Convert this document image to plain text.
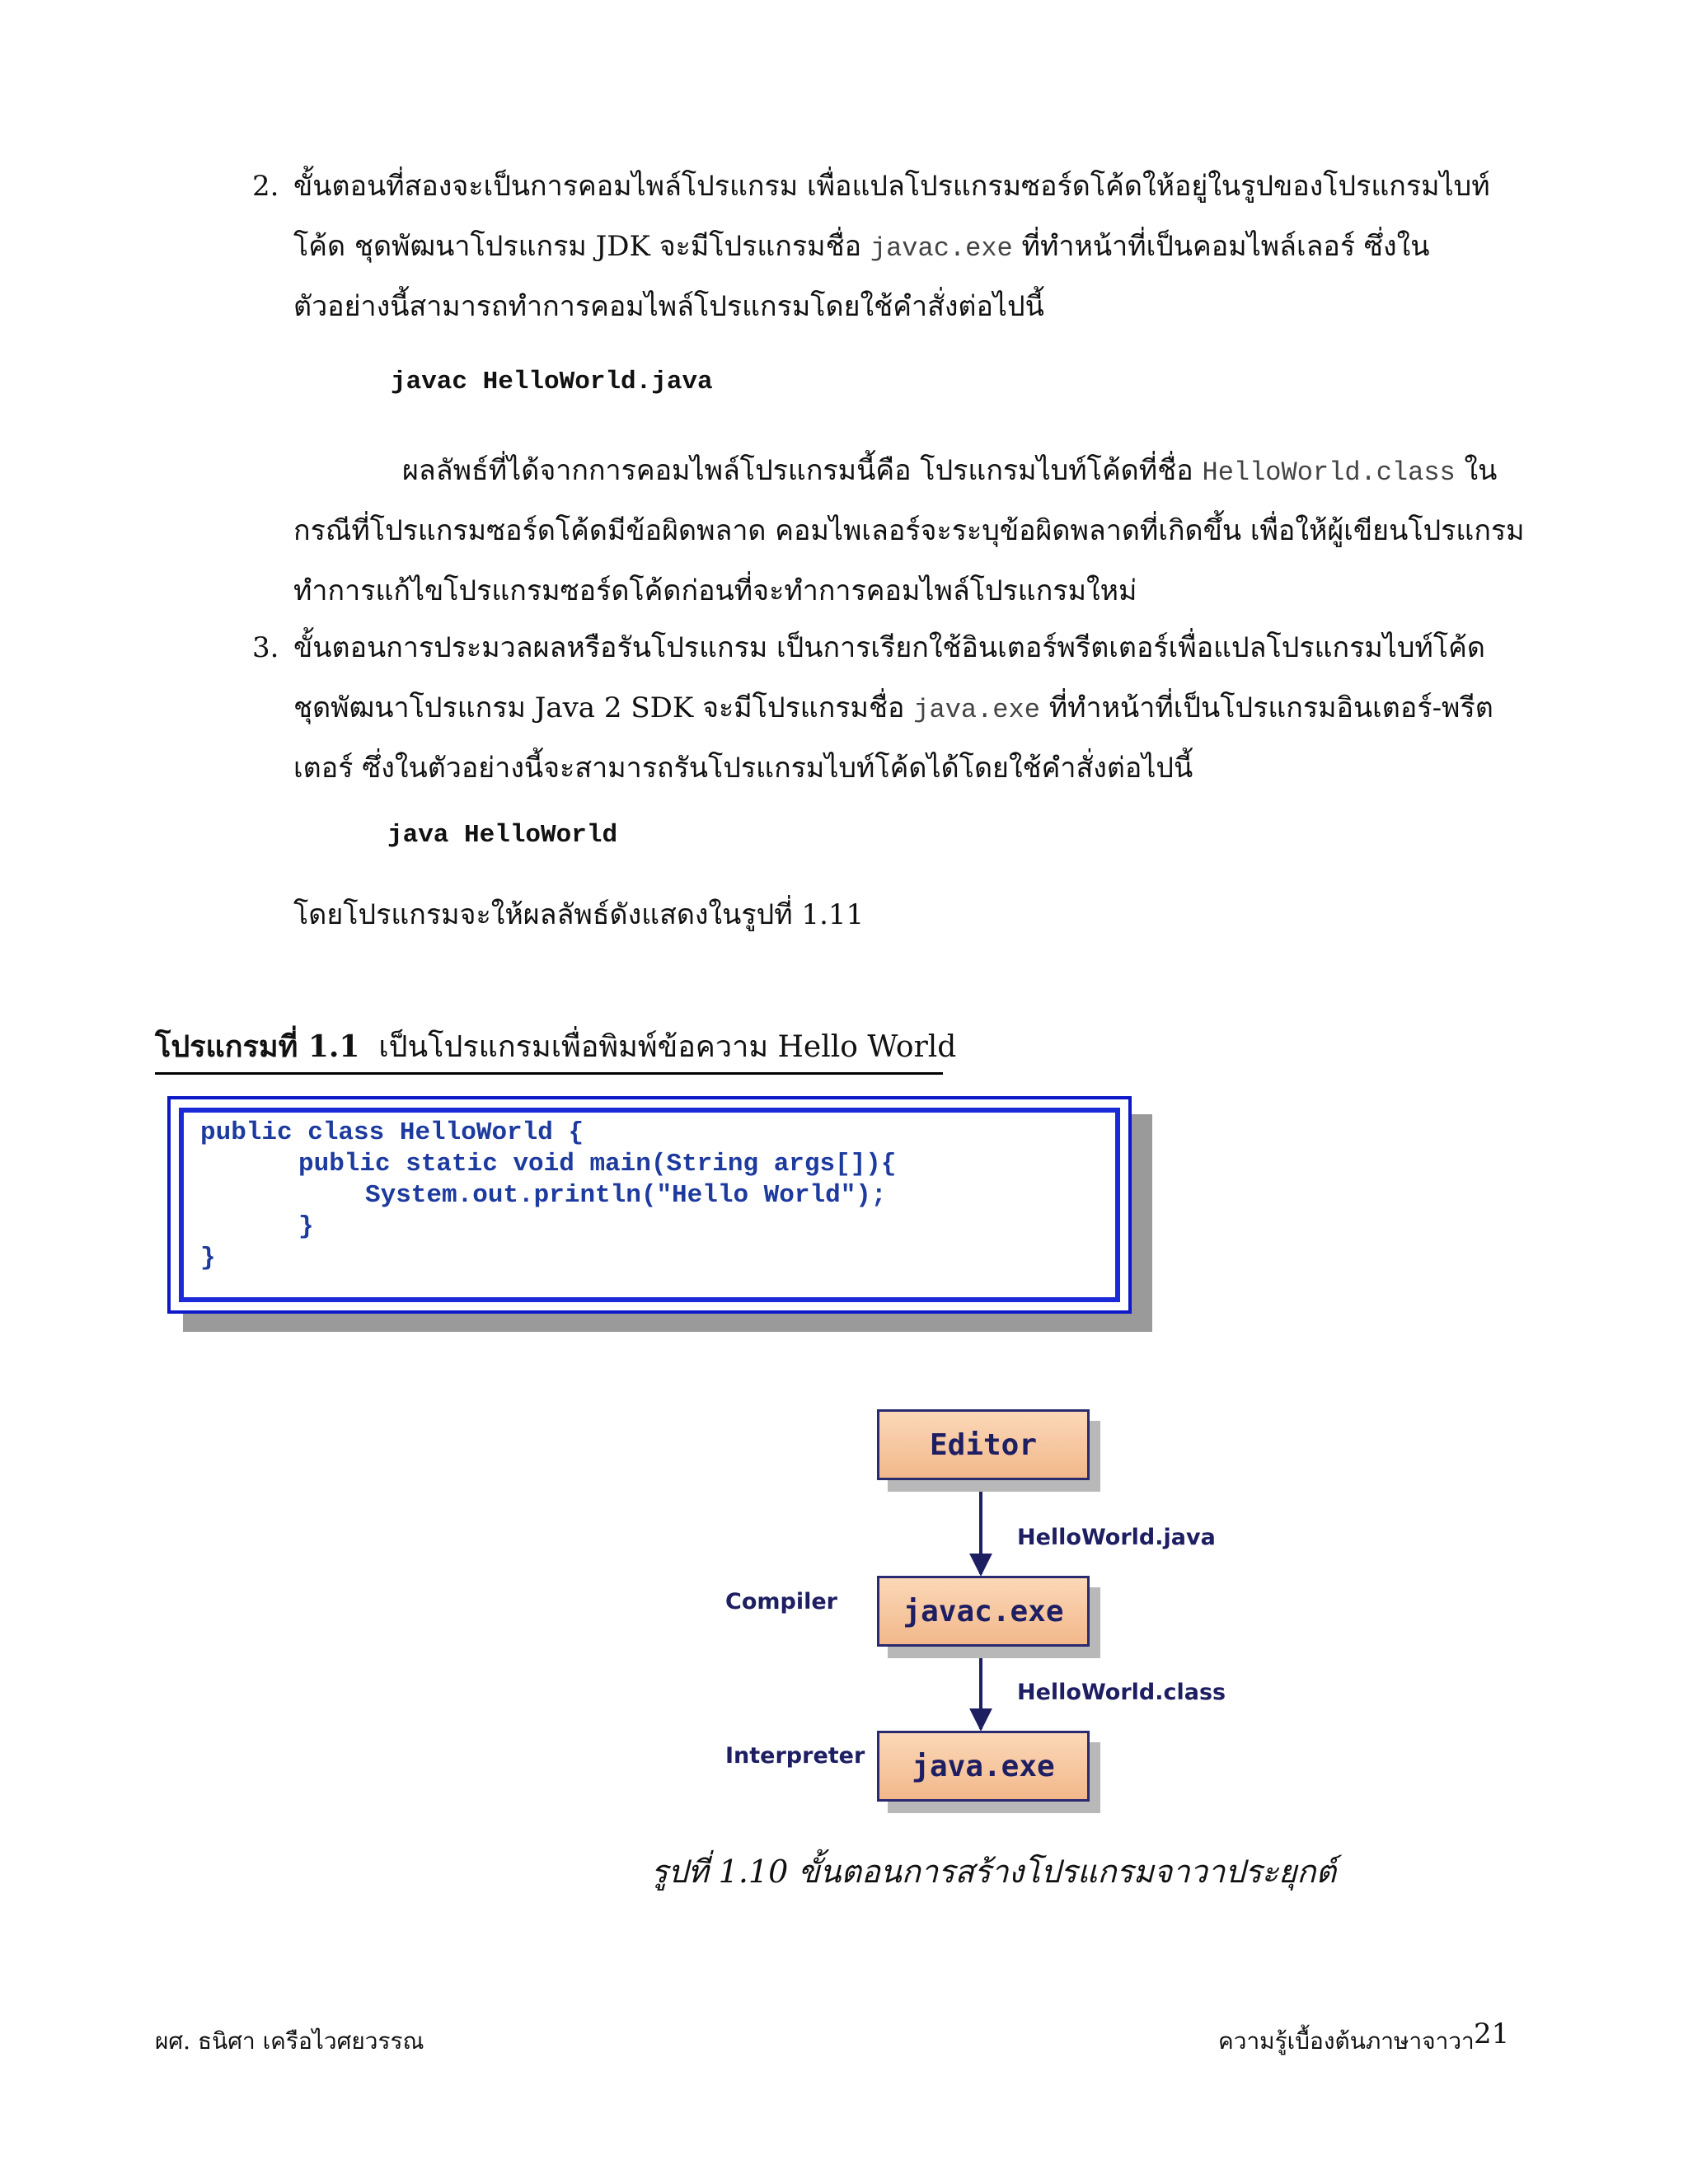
2. ขั้นตอนที่สองจะเป็นการคอมไพล์โปรแกรม เพื่อแปลโปรแกรมซอร์ดโค้ดให้อยู่ในรูปของโปรแกรมไบท์
โค้ด ชุดพัฒนาโปรแกรม JDK จะมีโปรแกรมชื่อ javac.exe ที่ทำหน้าที่เป็นคอมไพล์เลอร์ ซึ่งใน
ตัวอย่างนี้สามารถทำการคอมไพล์โปรแกรมโดยใช้คำสั่งต่อไปนี้
javac HelloWorld.java
ผลลัพธ์ที่ได้จากการคอมไพล์โปรแกรมนี้คือ โปรแกรมไบท์โค้ดที่ชื่อ HelloWorld.class ใน
กรณีที่โปรแกรมซอร์ดโค้ดมีข้อผิดพลาด คอมไพเลอร์จะระบุข้อผิดพลาดที่เกิดขึ้น เพื่อให้ผู้เขียนโปรแกรม
ทำการแก้ไขโปรแกรมซอร์ดโค้ดก่อนที่จะทำการคอมไพล์โปรแกรมใหม่
3. ขั้นตอนการประมวลผลหรือรันโปรแกรม เป็นการเรียกใช้อินเตอร์พรีตเตอร์เพื่อแปลโปรแกรมไบท์โค้ด
ชุดพัฒนาโปรแกรม Java 2 SDK จะมีโปรแกรมชื่อ java.exe ที่ทำหน้าที่เป็นโปรแกรมอินเตอร์-พรีต
เตอร์ ซึ่งในตัวอย่างนี้จะสามารถรันโปรแกรมไบท์โค้ดได้โดยใช้คำสั่งต่อไปนี้
java HelloWorld
โดยโปรแกรมจะให้ผลลัพธ์ดังแสดงในรูปที่ 1.11
โปรแกรมที่ 1.1 เป็นโปรแกรมเพื่อพิมพ์ข้อความ Hello World
public class HelloWorld {
public static void main(String args[]){
System.out.println("Hello World");
}
}
Editor
HelloWorld.java
Compiler	javac.exe
HelloWorld.class
Interpreter	java.exe
รูปที่ 1.10 ขั้นตอนการสร้างโปรแกรมจาวาประยุกต์
ผศ. ธนิศา เครือไวศยวรรณ	ความรู้เบื้องต้นภาษาจาวา 21
